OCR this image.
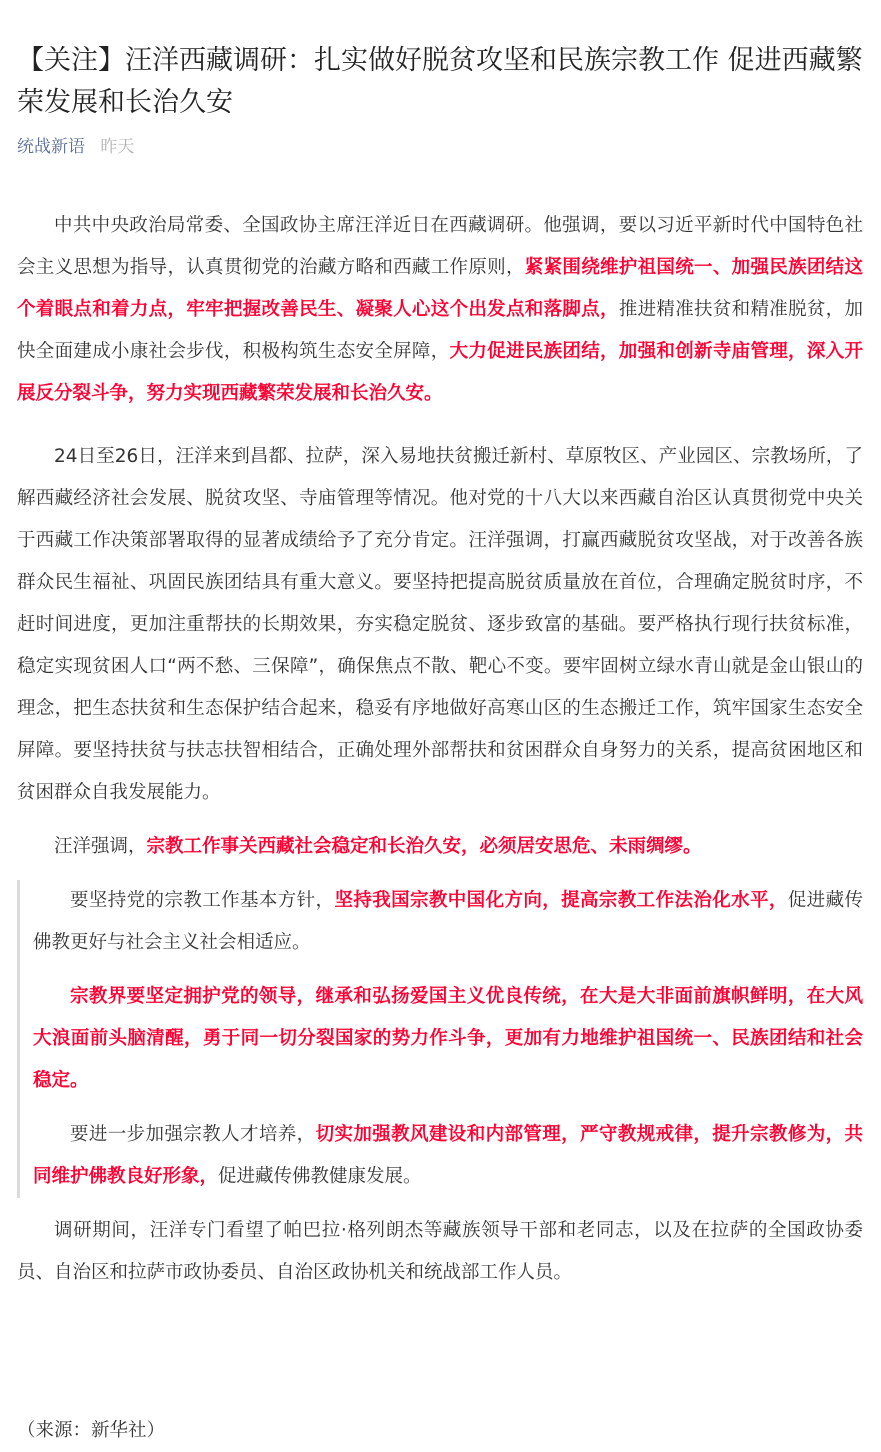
【关注】汪洋西藏调研：扎实做好脱贫攻坚和民族宗教工作 促进西藏繁荣发展和长治久安
统战新语 昨天

中共中央政治局常委、全国政协主席汪洋近日在西藏调研。他强调，要以习近平新时代中国特色社会主义思想为指导，认真贯彻党的治藏方略和西藏工作原则，紧紧围绕维护祖国统一、加强民族团结这个着眼点和着力点，牢牢把握改善民生、凝聚人心这个出发点和落脚点，推进精准扶贫和精准脱贫，加快全面建成小康社会步伐，积极构筑生态安全屏障，大力促进民族团结，加强和创新寺庙管理，深入开展反分裂斗争，努力实现西藏繁荣发展和长治久安。

24日至26日，汪洋来到昌都、拉萨，深入易地扶贫搬迁新村、草原牧区、产业园区、宗教场所，了解西藏经济社会发展、脱贫攻坚、寺庙管理等情况。他对党的十八大以来西藏自治区认真贯彻党中央关于西藏工作决策部署取得的显著成绩给予了充分肯定。汪洋强调，打赢西藏脱贫攻坚战，对于改善各族群众民生福祉、巩固民族团结具有重大意义。要坚持把提高脱贫质量放在首位，合理确定脱贫时序，不赶时间进度，更加注重帮扶的长期效果，夯实稳定脱贫、逐步致富的基础。要严格执行现行扶贫标准，稳定实现贫困人口“两不愁、三保障”，确保焦点不散、靶心不变。要牢固树立绿水青山就是金山银山的理念，把生态扶贫和生态保护结合起来，稳妥有序地做好高寒山区的生态搬迁工作，筑牢国家生态安全屏障。要坚持扶贫与扶志扶智相结合，正确处理外部帮扶和贫困群众自身努力的关系，提高贫困地区和贫困群众自我发展能力。

汪洋强调，宗教工作事关西藏社会稳定和长治久安，必须居安思危、未雨绸缪。

要坚持党的宗教工作基本方针，坚持我国宗教中国化方向，提高宗教工作法治化水平，促进藏传佛教更好与社会主义社会相适应。

宗教界要坚定拥护党的领导，继承和弘扬爱国主义优良传统，在大是大非面前旗帜鲜明，在大风大浪面前头脑清醒，勇于同一切分裂国家的势力作斗争，更加有力地维护祖国统一、民族团结和社会稳定。

要进一步加强宗教人才培养，切实加强教风建设和内部管理，严守教规戒律，提升宗教修为，共同维护佛教良好形象，促进藏传佛教健康发展。

调研期间，汪洋专门看望了帕巴拉·格列朗杰等藏族领导干部和老同志，以及在拉萨的全国政协委员、自治区和拉萨市政协委员、自治区政协机关和统战部工作人员。

（来源：新华社）
